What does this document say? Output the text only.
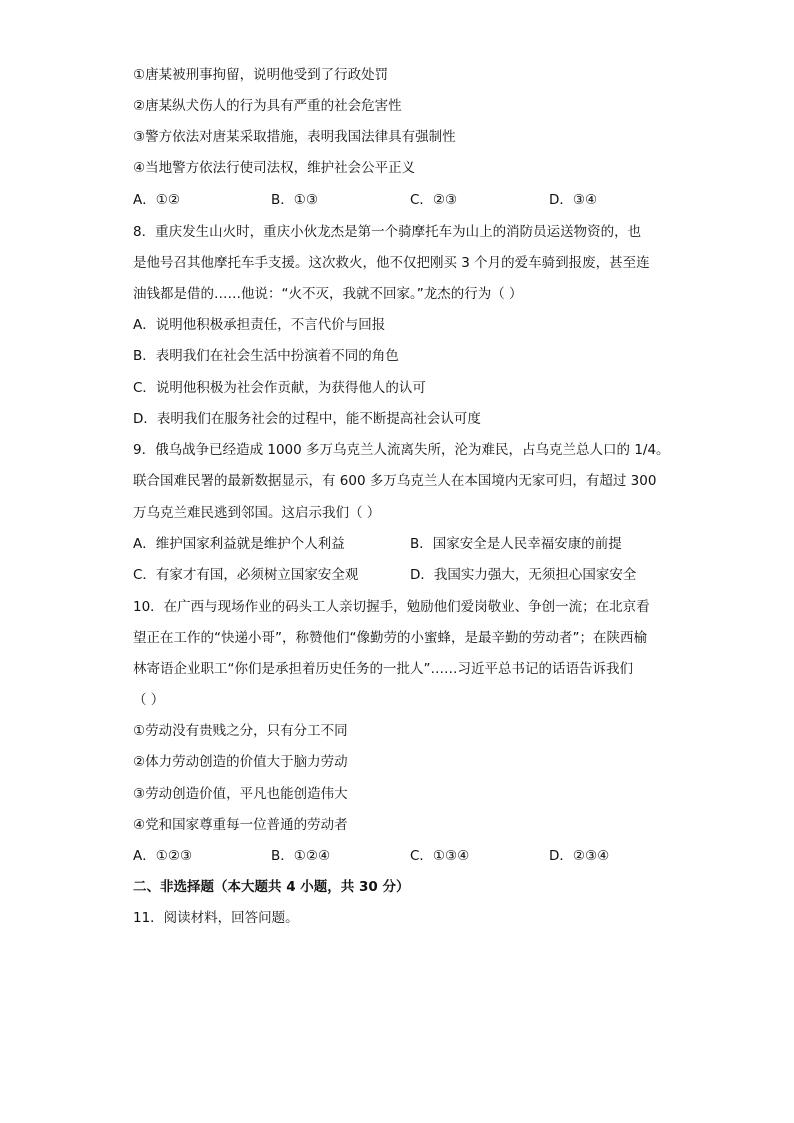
①唐某被刑事拘留，说明他受到了行政处罚
②唐某纵犬伤人的行为具有严重的社会危害性
③警方依法对唐某采取措施，表明我国法律具有强制性
④当地警方依法行使司法权，维护社会公平正义
A．①②	B．①③	C．②③	D．③④
8．重庆发生山火时，重庆小伙龙杰是第一个骑摩托车为山上的消防员运送物资的，也
是他号召其他摩托车手支援。这次救火，他不仅把刚买 3 个月的爱车骑到报废，甚至连
油钱都是借的……他说：“火不灭，我就不回家。”龙杰的行为（ ）
A．说明他积极承担责任，不言代价与回报
B．表明我们在社会生活中扮演着不同的角色
C．说明他积极为社会作贡献，为获得他人的认可
D．表明我们在服务社会的过程中，能不断提高社会认可度
9．俄乌战争已经造成 1000 多万乌克兰人流离失所，沦为难民，占乌克兰总人口的 1/4。
联合国难民署的最新数据显示，有 600 多万乌克兰人在本国境内无家可归，有超过 300
万乌克兰难民逃到邻国。这启示我们（ ）
A．维护国家利益就是维护个人利益	B．国家安全是人民幸福安康的前提
C．有家才有国，必须树立国家安全观	D．我国实力强大，无须担心国家安全
10．在广西与现场作业的码头工人亲切握手，勉励他们爱岗敬业、争创一流；在北京看
望正在工作的“快递小哥”，称赞他们“像勤劳的小蜜蜂，是最辛勤的劳动者”；在陕西榆
林寄语企业职工“你们是承担着历史任务的一批人”……习近平总书记的话语告诉我们
（ ）
①劳动没有贵贱之分，只有分工不同
②体力劳动创造的价值大于脑力劳动
③劳动创造价值，平凡也能创造伟大
④党和国家尊重每一位普通的劳动者
A．①②③	B．①②④	C．①③④	D．②③④
二、非选择题（本大题共 4 小题，共 30 分）
11．阅读材料，回答问题。
